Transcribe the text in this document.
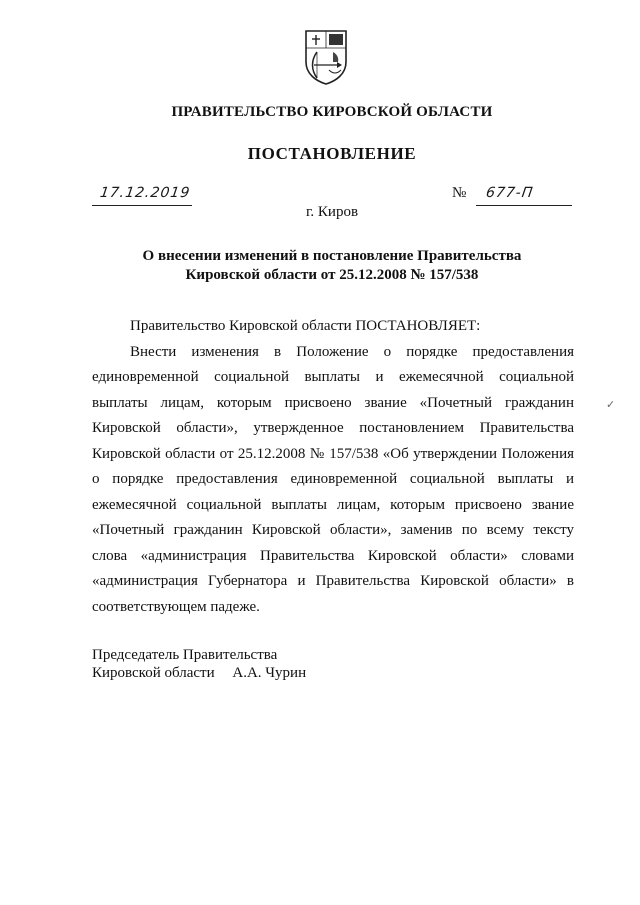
ПРАВИТЕЛЬСТВО КИРОВСКОЙ ОБЛАСТИ
ПОСТАНОВЛЕНИЕ
17.12.2019	№ 677-П
г. Киров
О внесении изменений в постановление Правительства
Кировской области от 25.12.2008 № 157/538

Правительство Кировской области ПОСТАНОВЛЯЕТ:

Внести изменения в Положение о порядке предоставления единовременной социальной выплаты и ежемесячной социальной выплаты лицам, которым присвоено звание «Почетный гражданин Кировской области», утвержденное постановлением Правительства Кировской области от 25.12.2008 № 157/538 «Об утверждении Положения о порядке предоставления единовременной социальной выплаты и ежемесячной социальной выплаты лицам, которым присвоено звание «Почетный гражданин Кировской области», заменив по всему тексту слова «администрация Правительства Кировской области» словами «администрация Губернатора и Правительства Кировской области» в соответствующем падеже.

✓
Председатель Правительства
Кировской области А.А. Чурин
